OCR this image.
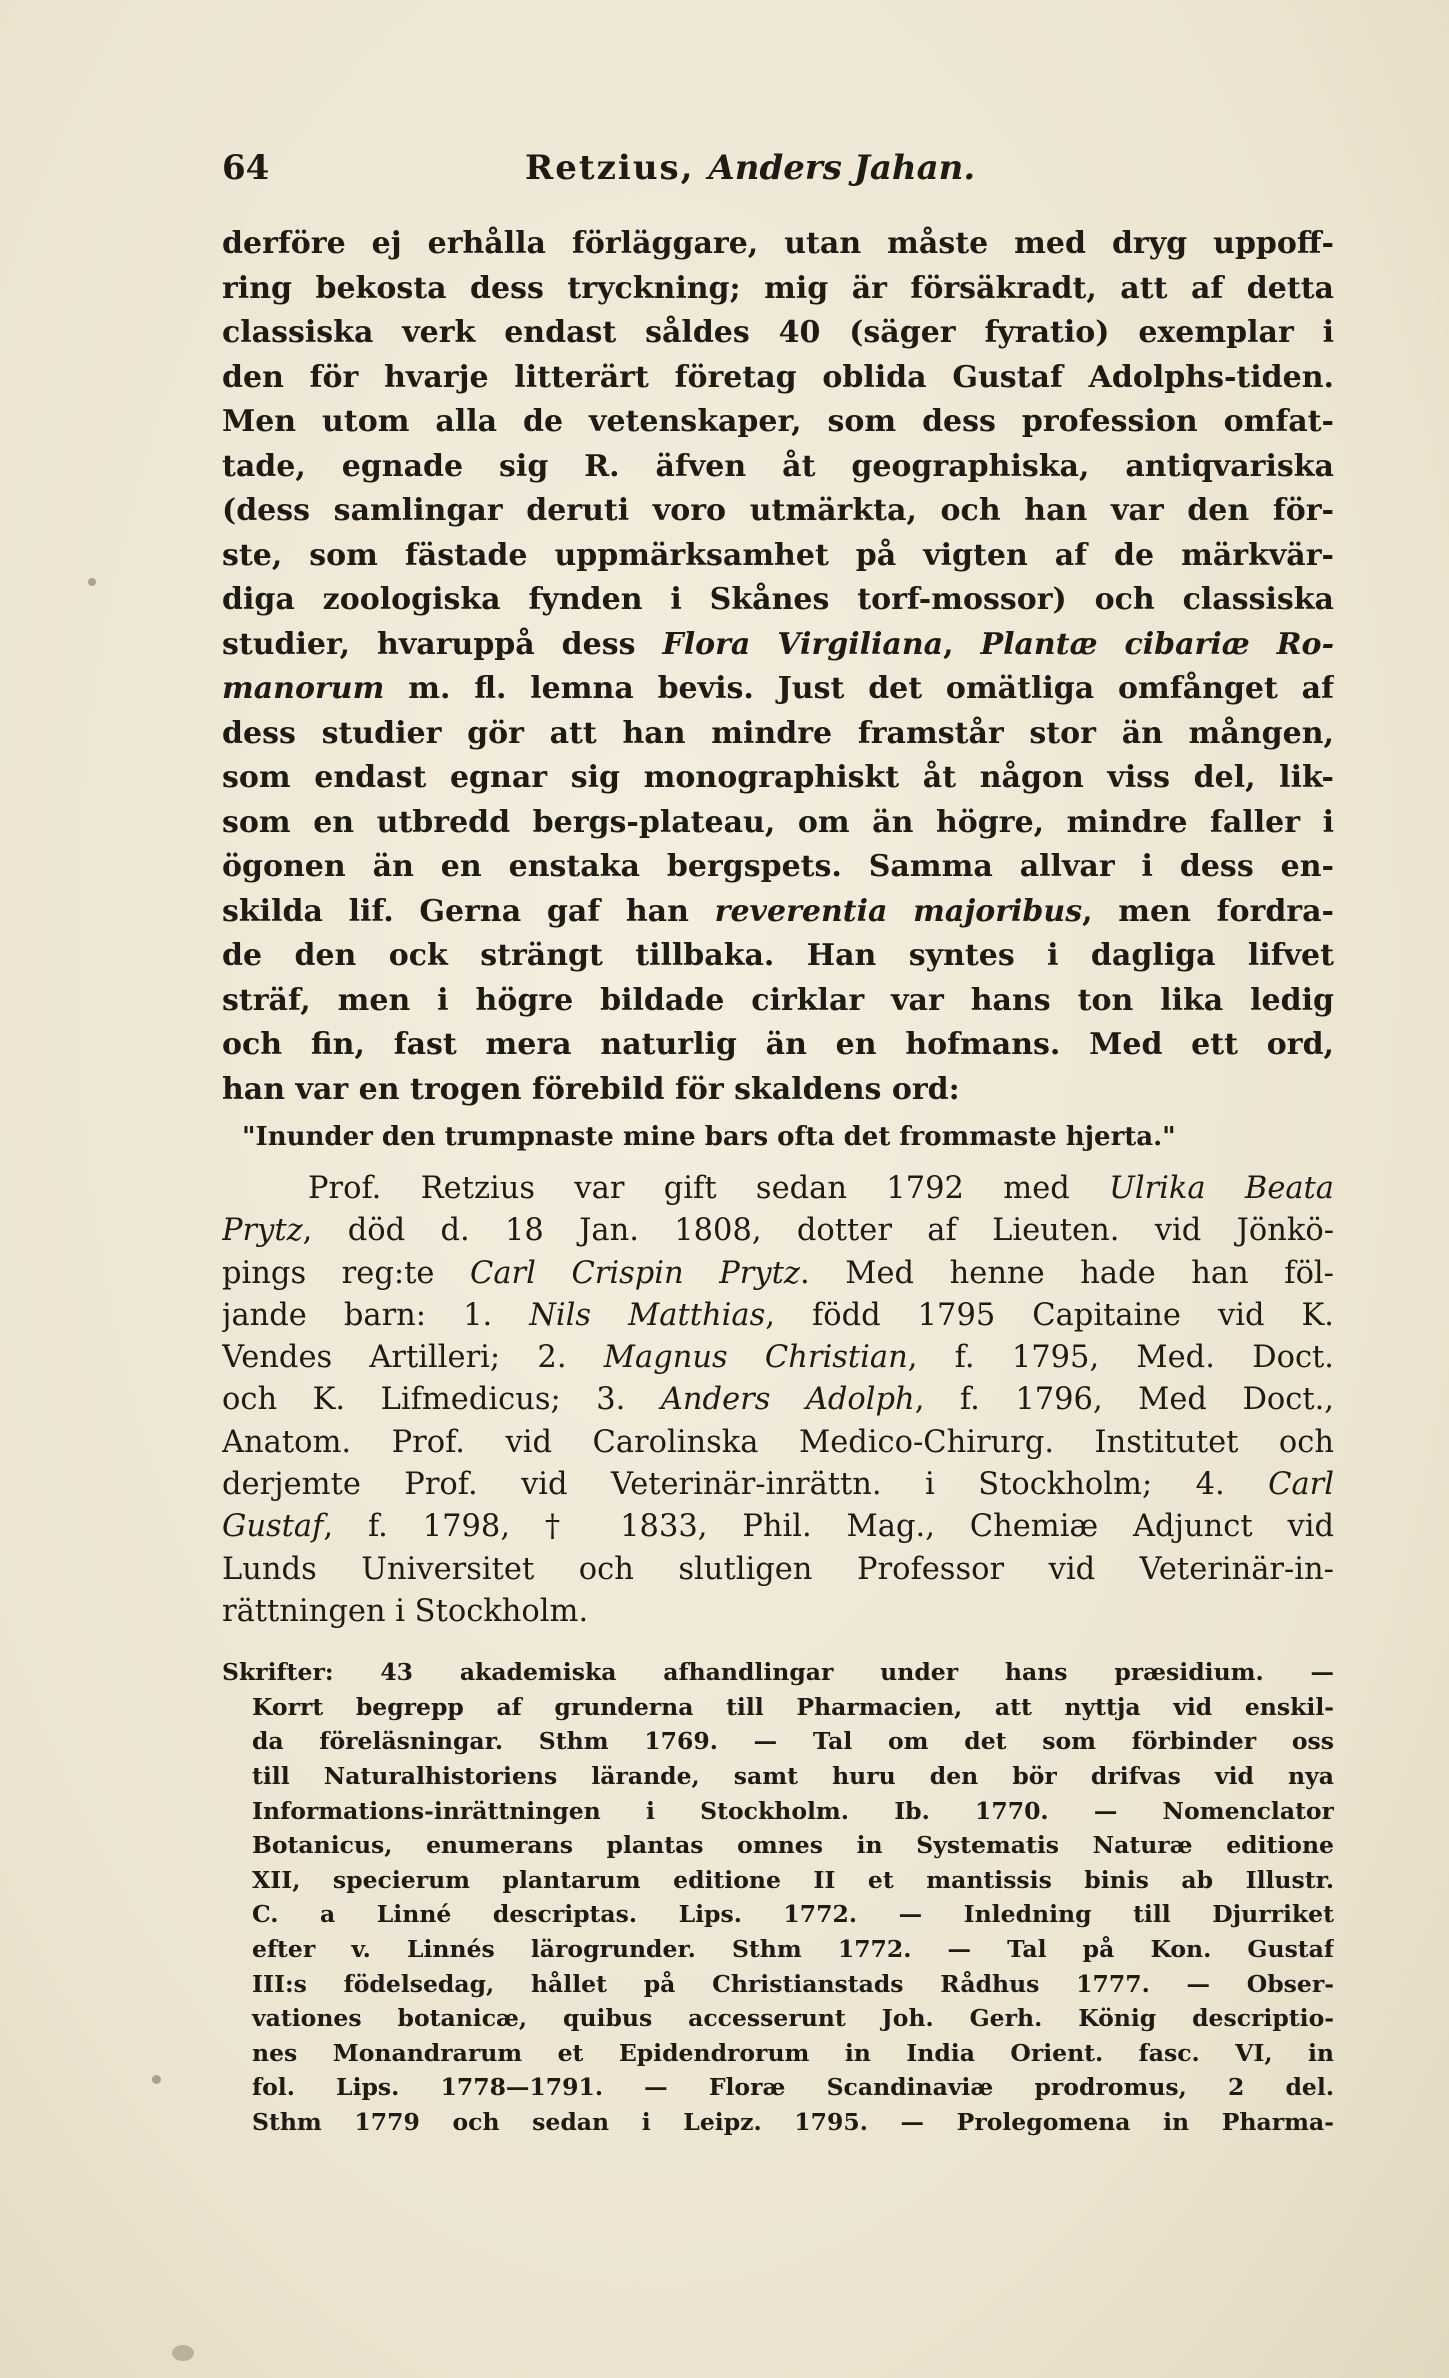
64	Retzius, Anders Jahan.
derföre ej erhålla förläggare, utan måste med dryg uppoff-
ring bekosta dess tryckning; mig är försäkradt, att af detta
classiska verk endast såldes 40 (säger fyratio) exemplar i
den för hvarje litterärt företag oblida Gustaf Adolphs-tiden.
Men utom alla de vetenskaper, som dess profession omfat-
tade, egnade sig R. äfven åt geographiska, antiqvariska
(dess samlingar deruti voro utmärkta, och han var den för-
ste, som fästade uppmärksamhet på vigten af de märkvär-
diga zoologiska fynden i Skånes torf-mossor) och classiska
studier, hvaruppå dess Flora Virgiliana, Plantæ cibariæ Ro-
manorum m. fl. lemna bevis. Just det omätliga omfånget af
dess studier gör att han mindre framstår stor än mången,
som endast egnar sig monographiskt åt någon viss del, lik-
som en utbredd bergs-plateau, om än högre, mindre faller i
ögonen än en enstaka bergspets. Samma allvar i dess en-
skilda lif. Gerna gaf han reverentia majoribus, men fordra-
de den ock strängt tillbaka. Han syntes i dagliga lifvet
sträf, men i högre bildade cirklar var hans ton lika ledig
och fin, fast mera naturlig än en hofmans. Med ett ord,
han var en trogen förebild för skaldens ord:
"Inunder den trumpnaste mine bars ofta det frommaste hjerta."
Prof. Retzius var gift sedan 1792 med Ulrika Beata
Prytz, död d. 18 Jan. 1808, dotter af Lieuten. vid Jönkö-
pings reg:te Carl Crispin Prytz. Med henne hade han föl-
jande barn: 1. Nils Matthias, född 1795 Capitaine vid K.
Vendes Artilleri; 2. Magnus Christian, f. 1795, Med. Doct.
och K. Lifmedicus; 3. Anders Adolph, f. 1796, Med Doct.,
Anatom. Prof. vid Carolinska Medico-Chirurg. Institutet och
derjemte Prof. vid Veterinär-inrättn. i Stockholm; 4. Carl
Gustaf, f. 1798, † 1833, Phil. Mag., Chemiæ Adjunct vid
Lunds Universitet och slutligen Professor vid Veterinär-in-
rättningen i Stockholm.
Skrifter: 43 akademiska afhandlingar under hans præsidium. —
Korrt begrepp af grunderna till Pharmacien, att nyttja vid enskil-
da föreläsningar. Sthm 1769. — Tal om det som förbinder oss
till Naturalhistoriens lärande, samt huru den bör drifvas vid nya
Informations-inrättningen i Stockholm. Ib. 1770. — Nomenclator
Botanicus, enumerans plantas omnes in Systematis Naturæ editione
XII, specierum plantarum editione II et mantissis binis ab Illustr.
C. a Linné descriptas. Lips. 1772. — Inledning till Djurriket
efter v. Linnés lärogrunder. Sthm 1772. — Tal på Kon. Gustaf
III:s födelsedag, hållet på Christianstads Rådhus 1777. — Obser-
vationes botanicæ, quibus accesserunt Joh. Gerh. König descriptio-
nes Monandrarum et Epidendrorum in India Orient. fasc. VI, in
fol. Lips. 1778—1791. — Floræ Scandinaviæ prodromus, 2 del.
Sthm 1779 och sedan i Leipz. 1795. — Prolegomena in Pharma-
